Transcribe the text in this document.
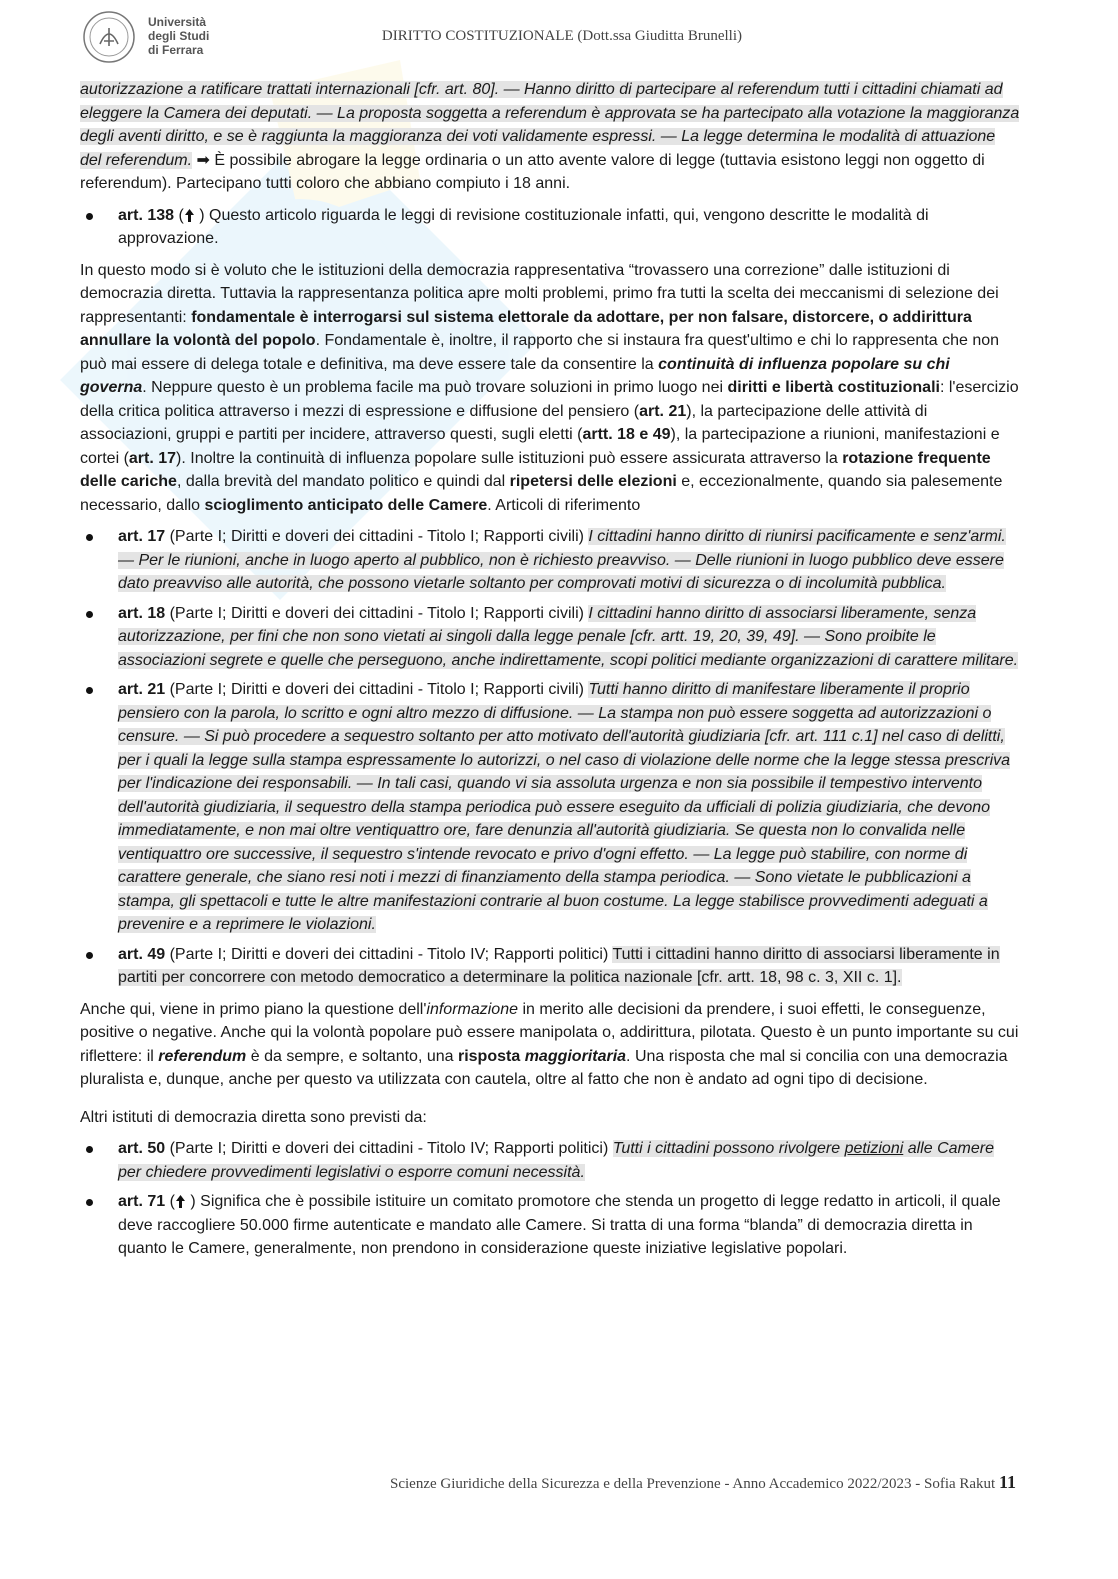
Università
degli Studi
di Ferrara
DIRITTO COSTITUZIONALE (Dott.ssa Giuditta Brunelli)

autorizzazione a ratificare trattati internazionali [cfr. art. 80]. — Hanno diritto di partecipare al referendum tutti i cittadini chiamati ad eleggere la Camera dei deputati. — La proposta soggetta a referendum è approvata se ha partecipato alla votazione la maggioranza degli aventi diritto, e se è raggiunta la maggioranza dei voti validamente espressi. — La legge determina le modalità di attuazione del referendum. ➡ È possibile abrogare la legge ordinaria o un atto avente valore di legge (tuttavia esistono leggi non oggetto di referendum). Partecipano tutti coloro che abbiano compiuto i 18 anni.

art. 138 ( ) Questo articolo riguarda le leggi di revisione costituzionale infatti, qui, vengono descritte le modalità di approvazione.

In questo modo si è voluto che le istituzioni della democrazia rappresentativa “trovassero una correzione” dalle istituzioni di democrazia diretta. Tuttavia la rappresentanza politica apre molti problemi, primo fra tutti la scelta dei meccanismi di selezione dei rappresentanti: fondamentale è interrogarsi sul sistema elettorale da adottare, per non falsare, distorcere, o addirittura annullare la volontà del popolo. Fondamentale è, inoltre, il rapporto che si instaura fra quest'ultimo e chi lo rappresenta che non può mai essere di delega totale e definitiva, ma deve essere tale da consentire la continuità di influenza popolare su chi governa. Neppure questo è un problema facile ma può trovare soluzioni in primo luogo nei diritti e libertà costituzionali: l'esercizio della critica politica attraverso i mezzi di espressione e diffusione del pensiero (art. 21), la partecipazione delle attività di associazioni, gruppi e partiti per incidere, attraverso questi, sugli eletti (artt. 18 e 49), la partecipazione a riunioni, manifestazioni e cortei (art. 17). Inoltre la continuità di influenza popolare sulle istituzioni può essere assicurata attraverso la rotazione frequente delle cariche, dalla brevità del mandato politico e quindi dal ripetersi delle elezioni e, eccezionalmente, quando sia palesemente necessario, dallo scioglimento anticipato delle Camere. Articoli di riferimento

art. 17 (Parte I; Diritti e doveri dei cittadini - Titolo I; Rapporti civili) I cittadini hanno diritto di riunirsi pacificamente e senz'armi. — Per le riunioni, anche in luogo aperto al pubblico, non è richiesto preavviso. — Delle riunioni in luogo pubblico deve essere dato preavviso alle autorità, che possono vietarle soltanto per comprovati motivi di sicurezza o di incolumità pubblica.
art. 18 (Parte I; Diritti e doveri dei cittadini - Titolo I; Rapporti civili) I cittadini hanno diritto di associarsi liberamente, senza autorizzazione, per fini che non sono vietati ai singoli dalla legge penale [cfr. artt. 19, 20, 39, 49]. — Sono proibite le associazioni segrete e quelle che perseguono, anche indirettamente, scopi politici mediante organizzazioni di carattere militare.
art. 21 (Parte I; Diritti e doveri dei cittadini - Titolo I; Rapporti civili) Tutti hanno diritto di manifestare liberamente il proprio pensiero con la parola, lo scritto e ogni altro mezzo di diffusione. — La stampa non può essere soggetta ad autorizzazioni o censure. — Si può procedere a sequestro soltanto per atto motivato dell'autorità giudiziaria [cfr. art. 111 c.1] nel caso di delitti, per i quali la legge sulla stampa espressamente lo autorizzi, o nel caso di violazione delle norme che la legge stessa prescriva per l'indicazione dei responsabili. — In tali casi, quando vi sia assoluta urgenza e non sia possibile il tempestivo intervento dell'autorità giudiziaria, il sequestro della stampa periodica può essere eseguito da ufficiali di polizia giudiziaria, che devono immediatamente, e non mai oltre ventiquattro ore, fare denunzia all'autorità giudiziaria. Se questa non lo convalida nelle ventiquattro ore successive, il sequestro s'intende revocato e privo d'ogni effetto. — La legge può stabilire, con norme di carattere generale, che siano resi noti i mezzi di finanziamento della stampa periodica. — Sono vietate le pubblicazioni a stampa, gli spettacoli e tutte le altre manifestazioni contrarie al buon costume. La legge stabilisce provvedimenti adeguati a prevenire e a reprimere le violazioni.
art. 49 (Parte I; Diritti e doveri dei cittadini - Titolo IV; Rapporti politici) Tutti i cittadini hanno diritto di associarsi liberamente in partiti per concorrere con metodo democratico a determinare la politica nazionale [cfr. artt. 18, 98 c. 3, XII c. 1].

Anche qui, viene in primo piano la questione dell'informazione in merito alle decisioni da prendere, i suoi effetti, le conseguenze, positive o negative. Anche qui la volontà popolare può essere manipolata o, addirittura, pilotata. Questo è un punto importante su cui riflettere: il referendum è da sempre, e soltanto, una risposta maggioritaria. Una risposta che mal si concilia con una democrazia pluralista e, dunque, anche per questo va utilizzata con cautela, oltre al fatto che non è andato ad ogni tipo di decisione.

Altri istituti di democrazia diretta sono previsti da:

art. 50 (Parte I; Diritti e doveri dei cittadini - Titolo IV; Rapporti politici) Tutti i cittadini possono rivolgere petizioni alle Camere per chiedere provvedimenti legislativi o esporre comuni necessità.
art. 71 ( ) Significa che è possibile istituire un comitato promotore che stenda un progetto di legge redatto in articoli, il quale deve raccogliere 50.000 firme autenticate e mandato alle Camere. Si tratta di una forma “blanda” di democrazia diretta in quanto le Camere, generalmente, non prendono in considerazione queste iniziative legislative popolari.
Scienze Giuridiche della Sicurezza e della Prevenzione - Anno Accademico 2022/2023 - Sofia Rakut 11
